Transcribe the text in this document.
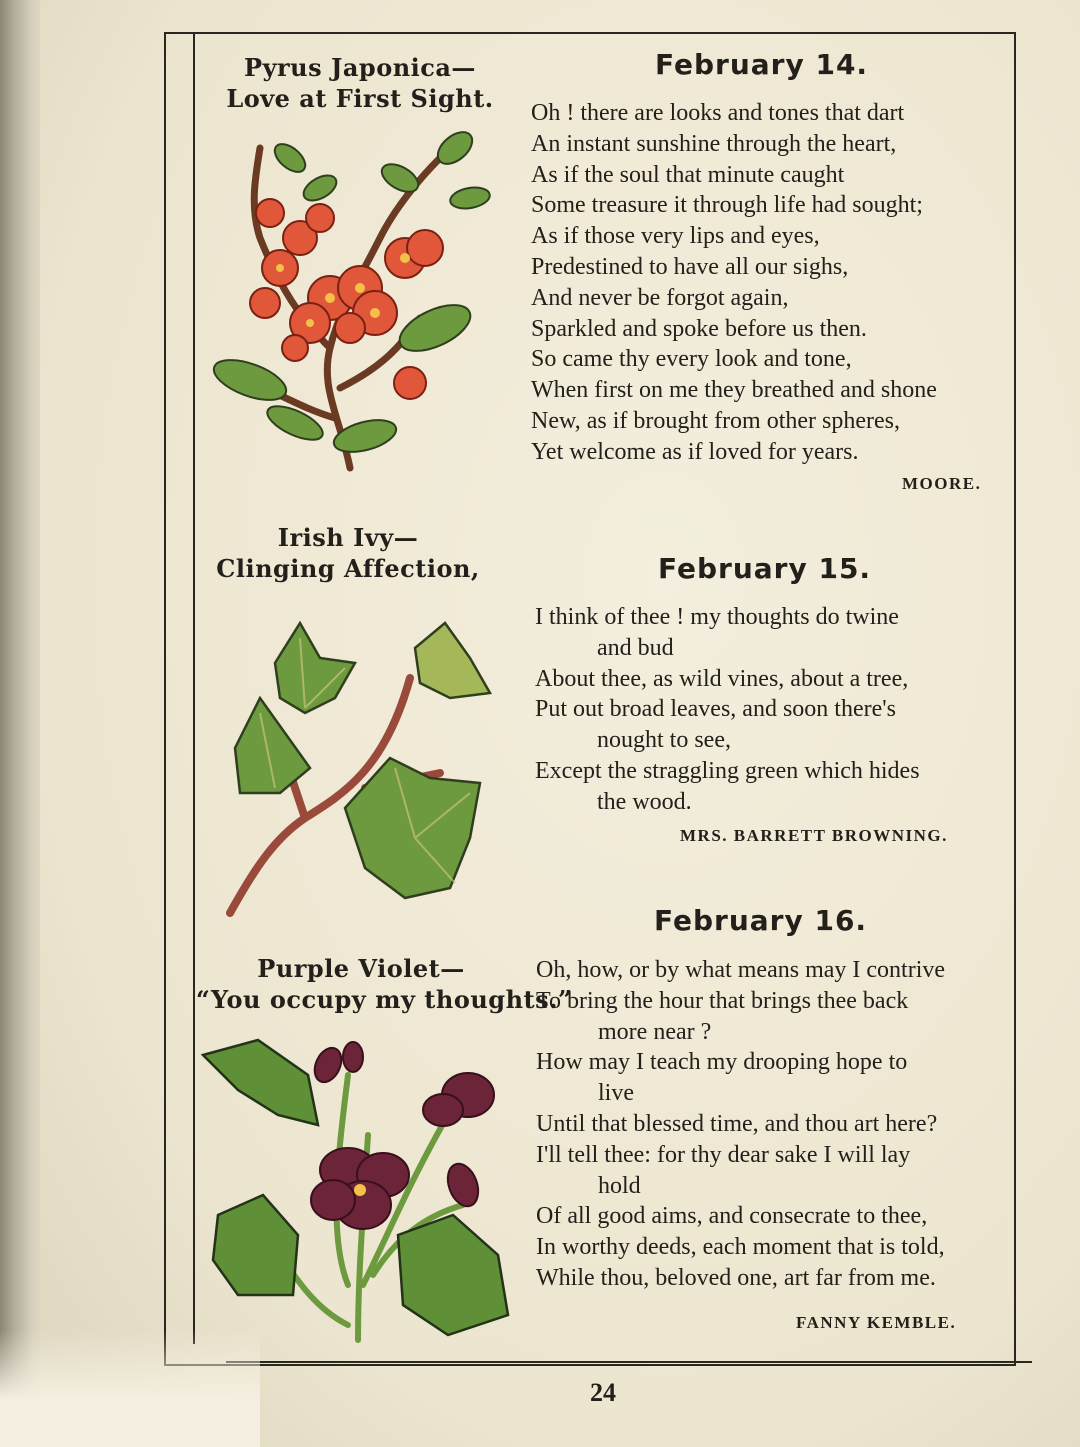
Pyrus Japonica—
Love at First Sight.
Irish Ivy—
Clinging Affection,
Purple Violet—
“You occupy my thoughts.”
February 14.
Oh ! there are looks and tones that dart
An instant sunshine through the heart,
As if the soul that minute caught
Some treasure it through life had sought;
As if those very lips and eyes,
Predestined to have all our sighs,
And never be forgot again,
Sparkled and spoke before us then.
So came thy every look and tone,
When first on me they breathed and shone
New, as if brought from other spheres,
Yet welcome as if loved for years.
MOORE.
February 15.
I think of thee ! my thoughts do twine
and bud
About thee, as wild vines, about a tree,
Put out broad leaves, and soon there's
nought to see,
Except the straggling green which hides
the wood.
MRS. BARRETT BROWNING.
February 16.
Oh, how, or by what means may I contrive
To bring the hour that brings thee back
more near ?
How may I teach my drooping hope to
live
Until that blessed time, and thou art here?
I'll tell thee: for thy dear sake I will lay
hold
Of all good aims, and consecrate to thee,
In worthy deeds, each moment that is told,
While thou, beloved one, art far from me.
FANNY KEMBLE.
24
